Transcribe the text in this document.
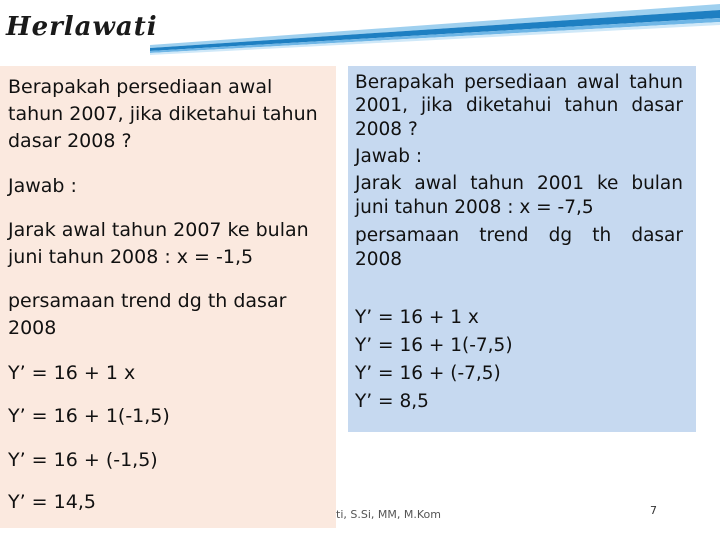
Herlawati
Berapakah persediaan awal
tahun 2007, jika diketahui tahun
dasar 2008 ?
Jawab :
Jarak awal tahun 2007 ke bulan
juni tahun 2008 : x = -1,5
persamaan trend dg th dasar
2008
Y’ = 16 + 1 x
Y’ = 16 + 1(-1,5)
Y’ = 16 + (-1,5)
Y’ = 14,5
Berapakah persediaan awal tahun
2001, jika diketahui tahun dasar
2008 ?
Jawab :
Jarak awal tahun 2001 ke bulan
juni tahun 2008 : x = -7,5
persamaan trend dg th dasar
2008
Y’ = 16 + 1 x
Y’ = 16 + 1(-7,5)
Y’ = 16 + (-7,5)
Y’ = 8,5
ti, S.Si, MM, M.Kom	7
